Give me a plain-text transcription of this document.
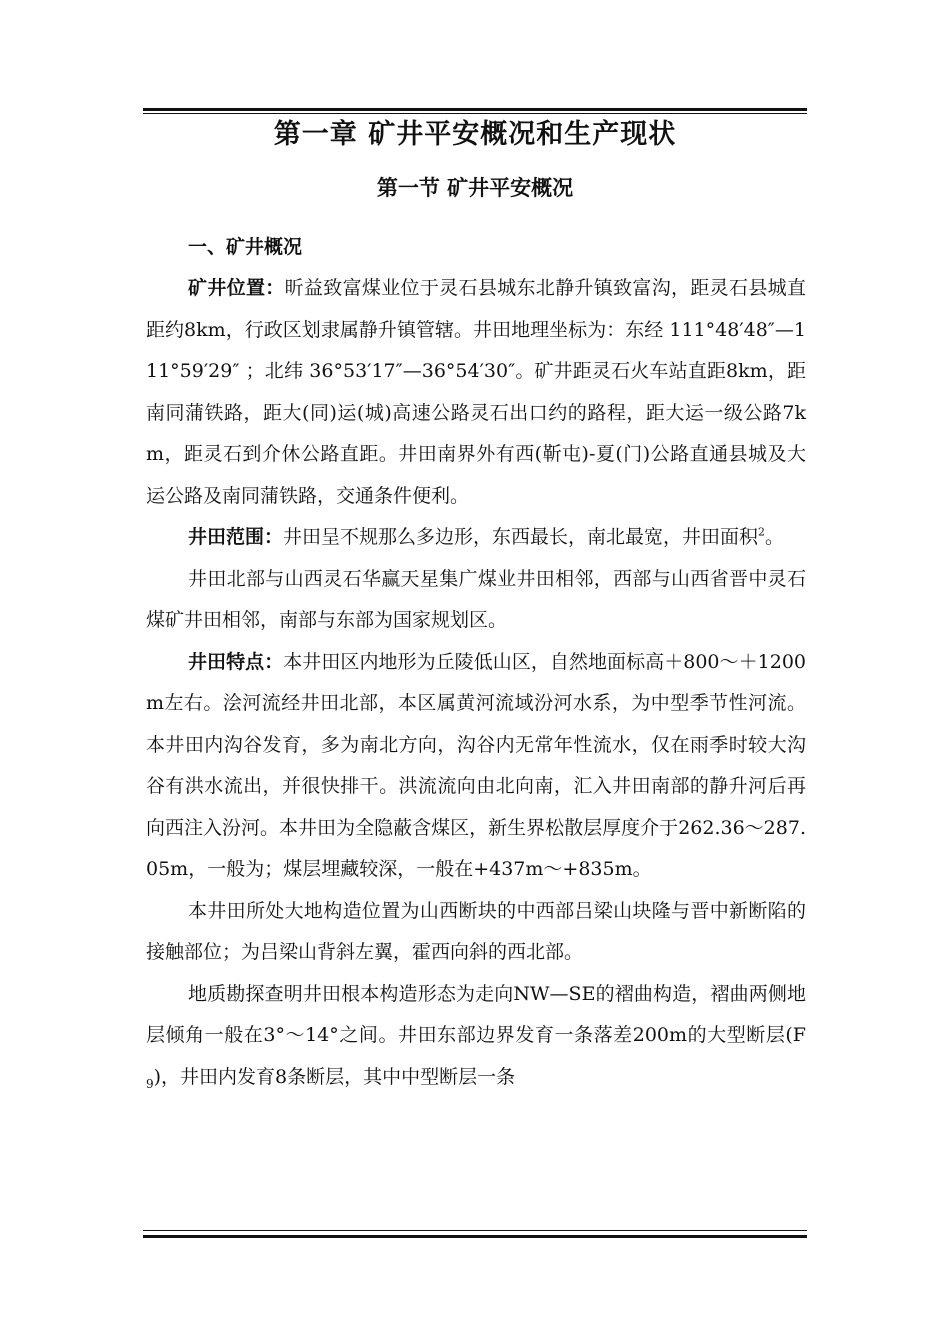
第一章 矿井平安概况和生产现状
第一节 矿井平安概况

一、矿井概况

矿井位置：昕益致富煤业位于灵石县城东北静升镇致富沟，距灵石县城直距约8km，行政区划隶属静升镇管辖。井田地理坐标为：东经 111°48′48″—111°59′29″ ；北纬 36°53′17″—36°54′30″。矿井距灵石火车站直距8km，距南同蒲铁路，距大(同)运(城)高速公路灵石出口约的路程，距大运一级公路7km，距灵石到介休公路直距。井田南界外有西(靳屯)-夏(门)公路直通县城及大运公路及南同蒲铁路，交通条件便利。

井田范围：井田呈不规那么多边形，东西最长，南北最宽，井田面积$^2$。

井田北部与山西灵石华赢天星集广煤业井田相邻，西部与山西省晋中灵石煤矿井田相邻，南部与东部为国家规划区。

井田特点：本井田区内地形为丘陵低山区，自然地面标高＋800～＋1200m左右。浍河流经井田北部，本区属黄河流域汾河水系，为中型季节性河流。本井田内沟谷发育，多为南北方向，沟谷内无常年性流水，仅在雨季时较大沟谷有洪水流出，并很快排干。洪流流向由北向南，汇入井田南部的静升河后再向西注入汾河。本井田为全隐蔽含煤区，新生界松散层厚度介于262.36～287.05m，一般为；煤层埋藏较深，一般在+437m～+835m。

本井田所处大地构造位置为山西断块的中西部吕梁山块隆与晋中新断陷的接触部位；为吕梁山背斜左翼，霍西向斜的西北部。

地质勘探查明井田根本构造形态为走向NW—SE的褶曲构造，褶曲两侧地层倾角一般在3°～14°之间。井田东部边界发育一条落差200m的大型断层$(F_9)$，井田内发育8条断层，其中中型断层一条
